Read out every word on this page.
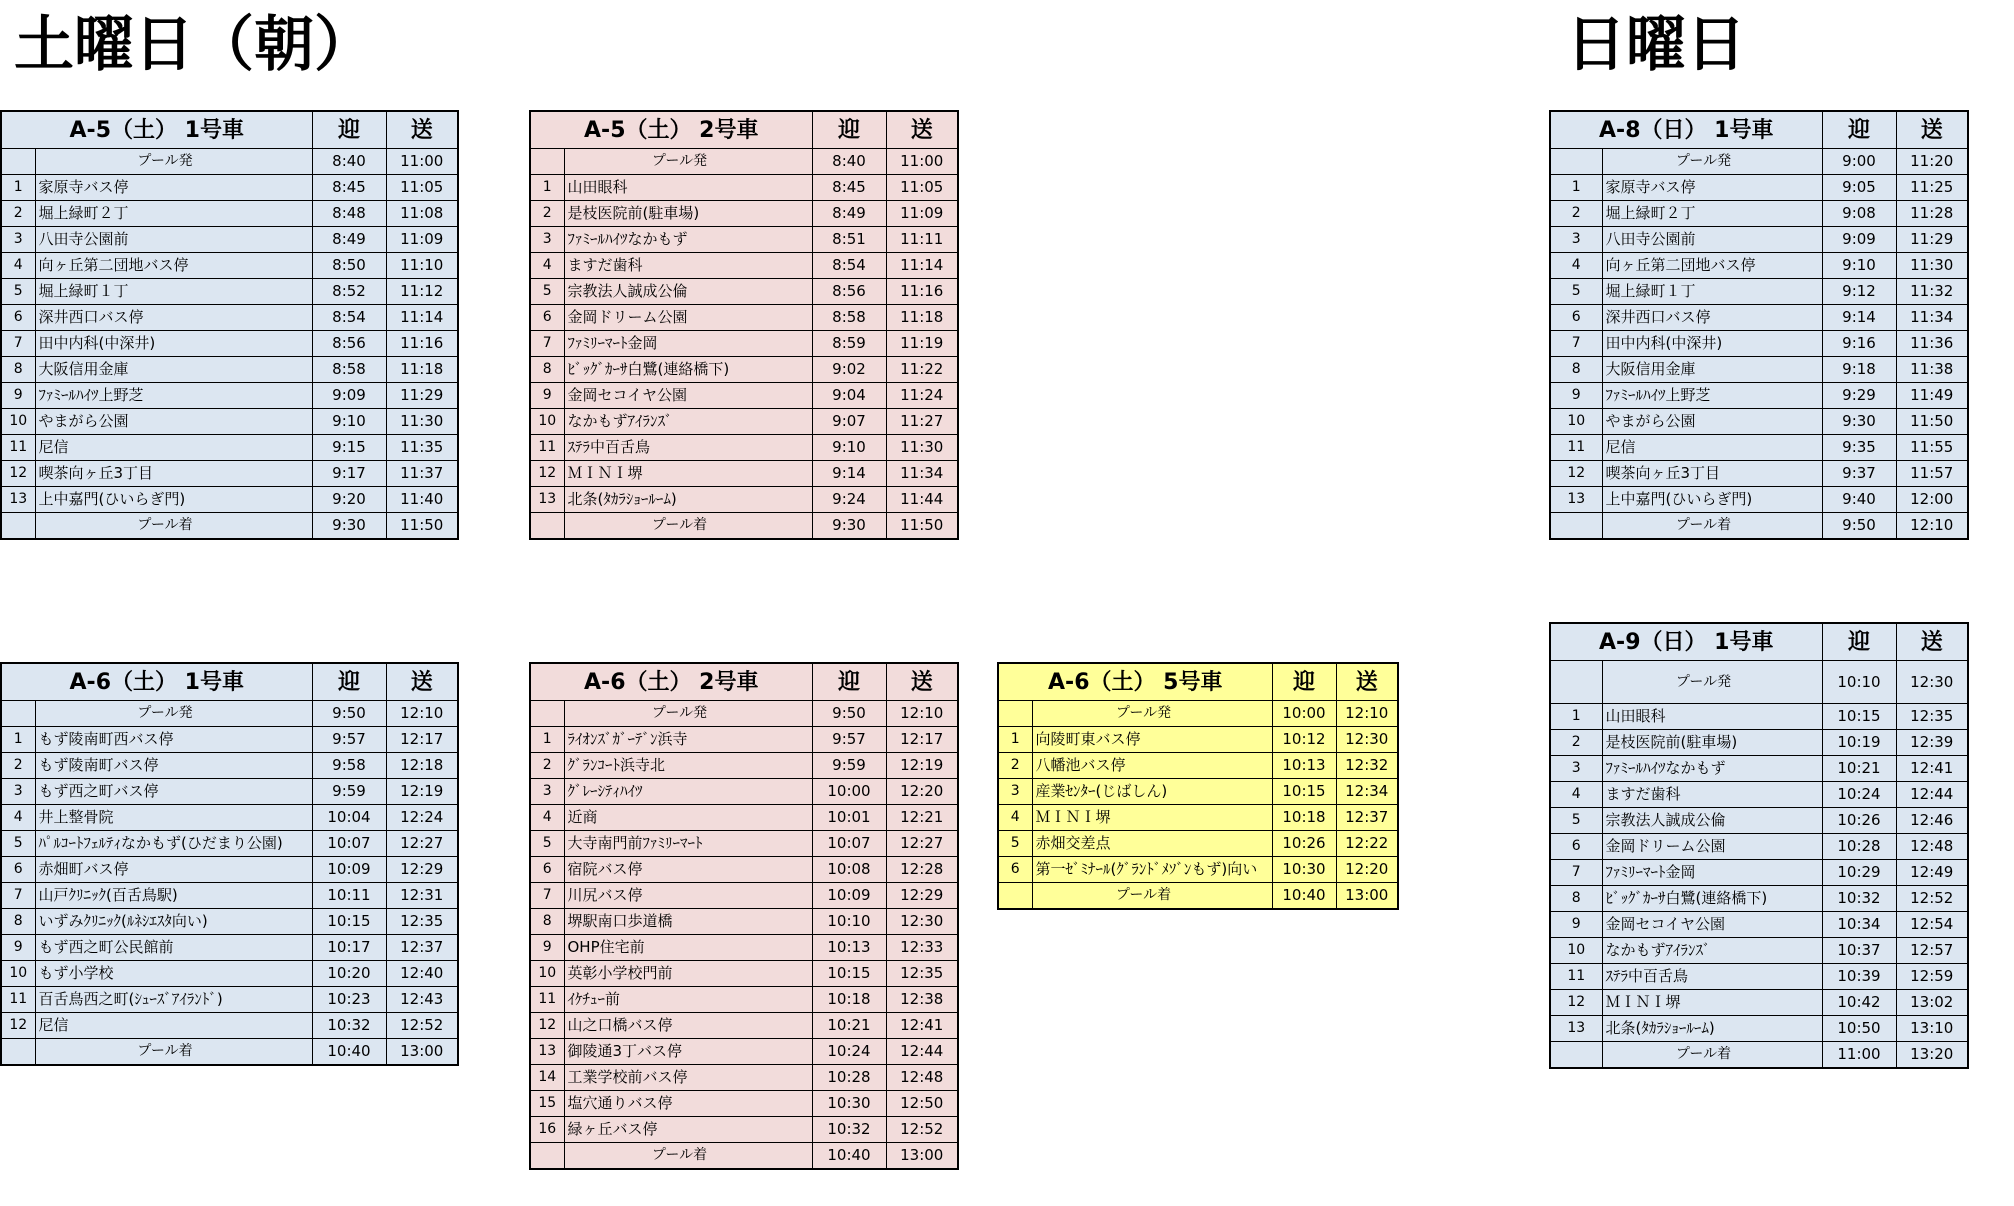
土曜日（朝）	日曜日
A-5（土） 1号車		迎	送
	プール発	8:40	11:00
1	家原寺バス停	8:45	11:05
2	堀上緑町２丁	8:48	11:08
3	八田寺公園前	8:49	11:09
4	向ヶ丘第二団地バス停	8:50	11:10
5	堀上緑町１丁	8:52	11:12
6	深井西口バス停	8:54	11:14
7	田中内科(中深井)	8:56	11:16
8	大阪信用金庫	8:58	11:18
9	ﾌｧﾐｰﾙﾊｲﾂ上野芝	9:09	11:29
10	やまがら公園	9:10	11:30
11	尼信	9:15	11:35
12	喫茶向ヶ丘3丁目	9:17	11:37
13	上中嘉門(ひいらぎ門)	9:20	11:40
	プール着	9:30	11:50
A-5（土） 2号車		迎	送
	プール発	8:40	11:00
1	山田眼科	8:45	11:05
2	是枝医院前(駐車場)	8:49	11:09
3	ﾌｧﾐｰﾙﾊｲﾂなかもず	8:51	11:11
4	ますだ歯科	8:54	11:14
5	宗教法人誠成公倫	8:56	11:16
6	金岡ドリーム公園	8:58	11:18
7	ﾌｧﾐﾘｰﾏｰﾄ金岡	8:59	11:19
8	ﾋﾞｯｸﾞｶｰｻ白鷺(連絡橋下)	9:02	11:22
9	金岡セコイヤ公園	9:04	11:24
10	なかもずｱｲﾗﾝｽﾞ	9:07	11:27
11	ｽﾃﾗ中百舌鳥	9:10	11:30
12	ＭＩＮＩ堺	9:14	11:34
13	北条(ﾀｶﾗｼｮｰﾙｰﾑ)	9:24	11:44
	プール着	9:30	11:50
A-8（日） 1号車		迎	送
	プール発	9:00	11:20
1	家原寺バス停	9:05	11:25
2	堀上緑町２丁	9:08	11:28
3	八田寺公園前	9:09	11:29
4	向ヶ丘第二団地バス停	9:10	11:30
5	堀上緑町１丁	9:12	11:32
6	深井西口バス停	9:14	11:34
7	田中内科(中深井)	9:16	11:36
8	大阪信用金庫	9:18	11:38
9	ﾌｧﾐｰﾙﾊｲﾂ上野芝	9:29	11:49
10	やまがら公園	9:30	11:50
11	尼信	9:35	11:55
12	喫茶向ヶ丘3丁目	9:37	11:57
13	上中嘉門(ひいらぎ門)	9:40	12:00
	プール着	9:50	12:10
A-6（土） 1号車		迎	送
	プール発	9:50	12:10
1	もず陵南町西バス停	9:57	12:17
2	もず陵南町バス停	9:58	12:18
3	もず西之町バス停	9:59	12:19
4	井上整骨院	10:04	12:24
5	ﾊﾟﾙｺｰﾄﾌｪﾙﾃｨなかもず(ひだまり公園)	10:07	12:27
6	赤畑町バス停	10:09	12:29
7	山戸ｸﾘﾆｯｸ(百舌鳥駅)	10:11	12:31
8	いずみｸﾘﾆｯｸ(ﾙﾈｼｴｽﾀ向い)	10:15	12:35
9	もず西之町公民館前	10:17	12:37
10	もず小学校	10:20	12:40
11	百舌鳥西之町(ｼｭｰｽﾞｱｲﾗﾝﾄﾞ)	10:23	12:43
12	尼信	10:32	12:52
	プール着	10:40	13:00
A-6（土） 2号車		迎	送
	プール発	9:50	12:10
1	ﾗｲｵﾝｽﾞｶﾞｰﾃﾞﾝ浜寺	9:57	12:17
2	ｸﾞﾗﾝｺｰﾄ浜寺北	9:59	12:19
3	ｸﾞﾚｰｼﾃｨﾊｲﾂ	10:00	12:20
4	近商	10:01	12:21
5	大寺南門前ﾌｧﾐﾘｰﾏｰﾄ	10:07	12:27
6	宿院バス停	10:08	12:28
7	川尻バス停	10:09	12:29
8	堺駅南口歩道橋	10:10	12:30
9	OHP住宅前	10:13	12:33
10	英彰小学校門前	10:15	12:35
11	ｲｹﾁｭｰ前	10:18	12:38
12	山之口橋バス停	10:21	12:41
13	御陵通3丁バス停	10:24	12:44
14	工業学校前バス停	10:28	12:48
15	塩穴通りバス停	10:30	12:50
16	緑ヶ丘バス停	10:32	12:52
	プール着	10:40	13:00
A-6（土） 5号車		迎	送
	プール発	10:00	12:10
1	向陵町東バス停	10:12	12:30
2	八幡池バス停	10:13	12:32
3	産業ｾﾝﾀｰ(じばしん)	10:15	12:34
4	ＭＩＮＩ堺	10:18	12:37
5	赤畑交差点	10:26	12:22
6	第一ｾﾞﾐﾅｰﾙ(ｸﾞﾗﾝﾄﾞﾒｿﾞﾝもず)向い	10:30	12:20
	プール着	10:40	13:00
A-9（日） 1号車		迎	送
	プール発	10:10	12:30
1	山田眼科	10:15	12:35
2	是枝医院前(駐車場)	10:19	12:39
3	ﾌｧﾐｰﾙﾊｲﾂなかもず	10:21	12:41
4	ますだ歯科	10:24	12:44
5	宗教法人誠成公倫	10:26	12:46
6	金岡ドリーム公園	10:28	12:48
7	ﾌｧﾐﾘｰﾏｰﾄ金岡	10:29	12:49
8	ﾋﾞｯｸﾞｶｰｻ白鷺(連絡橋下)	10:32	12:52
9	金岡セコイヤ公園	10:34	12:54
10	なかもずｱｲﾗﾝｽﾞ	10:37	12:57
11	ｽﾃﾗ中百舌鳥	10:39	12:59
12	ＭＩＮＩ堺	10:42	13:02
13	北条(ﾀｶﾗｼｮｰﾙｰﾑ)	10:50	13:10
	プール着	11:00	13:20
